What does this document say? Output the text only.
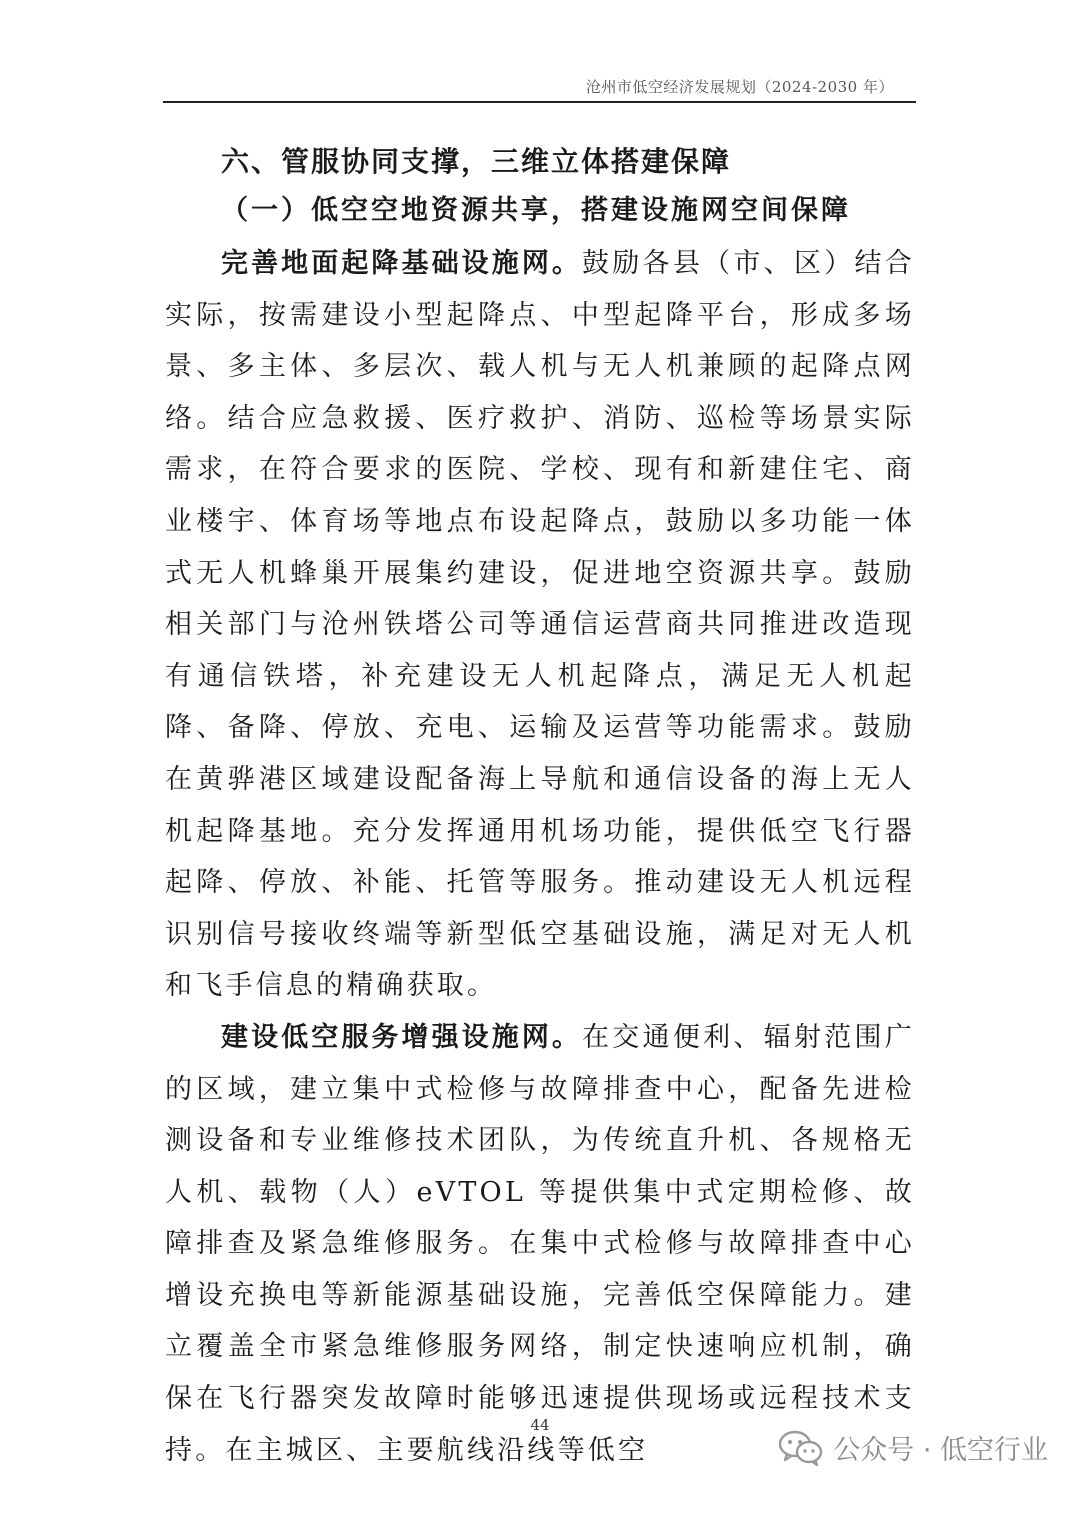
沧州市低空经济发展规划（2024-2030 年）
六、管服协同支撑，三维立体搭建保障
（一）低空空地资源共享，搭建设施网空间保障

完善地面起降基础设施网。鼓励各县（市、区）结合实际，按需建设小型起降点、中型起降平台，形成多场景、多主体、多层次、载人机与无人机兼顾的起降点网络。结合应急救援、医疗救护、消防、巡检等场景实际需求，在符合要求的医院、学校、现有和新建住宅、商业楼宇、体育场等地点布设起降点，鼓励以多功能一体式无人机蜂巢开展集约建设，促进地空资源共享。鼓励相关部门与沧州铁塔公司等通信运营商共同推进改造现有通信铁塔，补充建设无人机起降点，满足无人机起降、备降、停放、充电、运输及运营等功能需求。鼓励在黄骅港区域建设配备海上导航和通信设备的海上无人机起降基地。充分发挥通用机场功能，提供低空飞行器起降、停放、补能、托管等服务。推动建设无人机远程识别信号接收终端等新型低空基础设施，满足对无人机和飞手信息的精确获取。

建设低空服务增强设施网。在交通便利、辐射范围广的区域，建立集中式检修与故障排查中心，配备先进检测设备和专业维修技术团队，为传统直升机、各规格无人机、载物（人）eVTOL 等提供集中式定期检修、故障排查及紧急维修服务。在集中式检修与故障排查中心增设充换电等新能源基础设施，完善低空保障能力。建立覆盖全市紧急维修服务网络，制定快速响应机制，确保在飞行器突发故障时能够迅速提供现场或远程技术支持。在主城区、主要航线沿线等低空

44
公众号 · 低空行业
